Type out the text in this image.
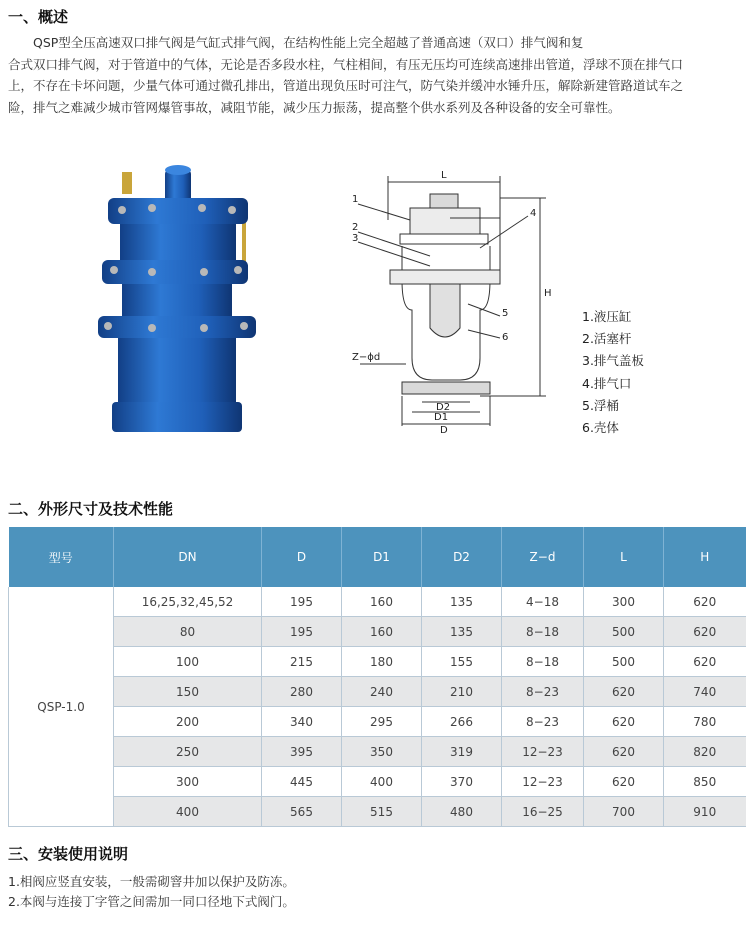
一、概述

　　QSP型全压高速双口排气阀是气缸式排气阀，在结构性能上完全超越了普通高速（双口）排气阀和复
合式双口排气阀，对于管道中的气体，无论是否多段水柱，气柱相间，有压无压均可连续高速排出管道，浮球不顶在排气口
上，不存在卡坏问题，少量气体可通过微孔排出，管道出现负压时可注气，防气染并缓冲水锤升压，解除新建管路道试车之
险，排气之难减少城市管网爆管事故，减阻节能，减少压力振荡，提高整个供水系列及各种设备的安全可靠性。

L
H
D
D1
D2
Z−ϕd
1
2
3
4
5
6
1.液压缸
2.活塞杆
3.排气盖板
4.排气口
5.浮桶
6.壳体
二、外形尺寸及技术性能
型号	DN	D	D1	D2	Z−d	L	H
QSP-1.0	16,25,32,45,52	195	160	135	4−18	300	620
	80	195	160	135	8−18	500	620
	100	215	180	155	8−18	500	620
	150	280	240	210	8−23	620	740
	200	340	295	266	8−23	620	780
	250	395	350	319	12−23	620	820
	300	445	400	370	12−23	620	850
	400	565	515	480	16−25	700	910
三、安装使用说明
1.相阀应竖直安装，一般需砌窨井加以保护及防冻。
2.本阀与连接丁字管之间需加一同口径地下式阀门。
